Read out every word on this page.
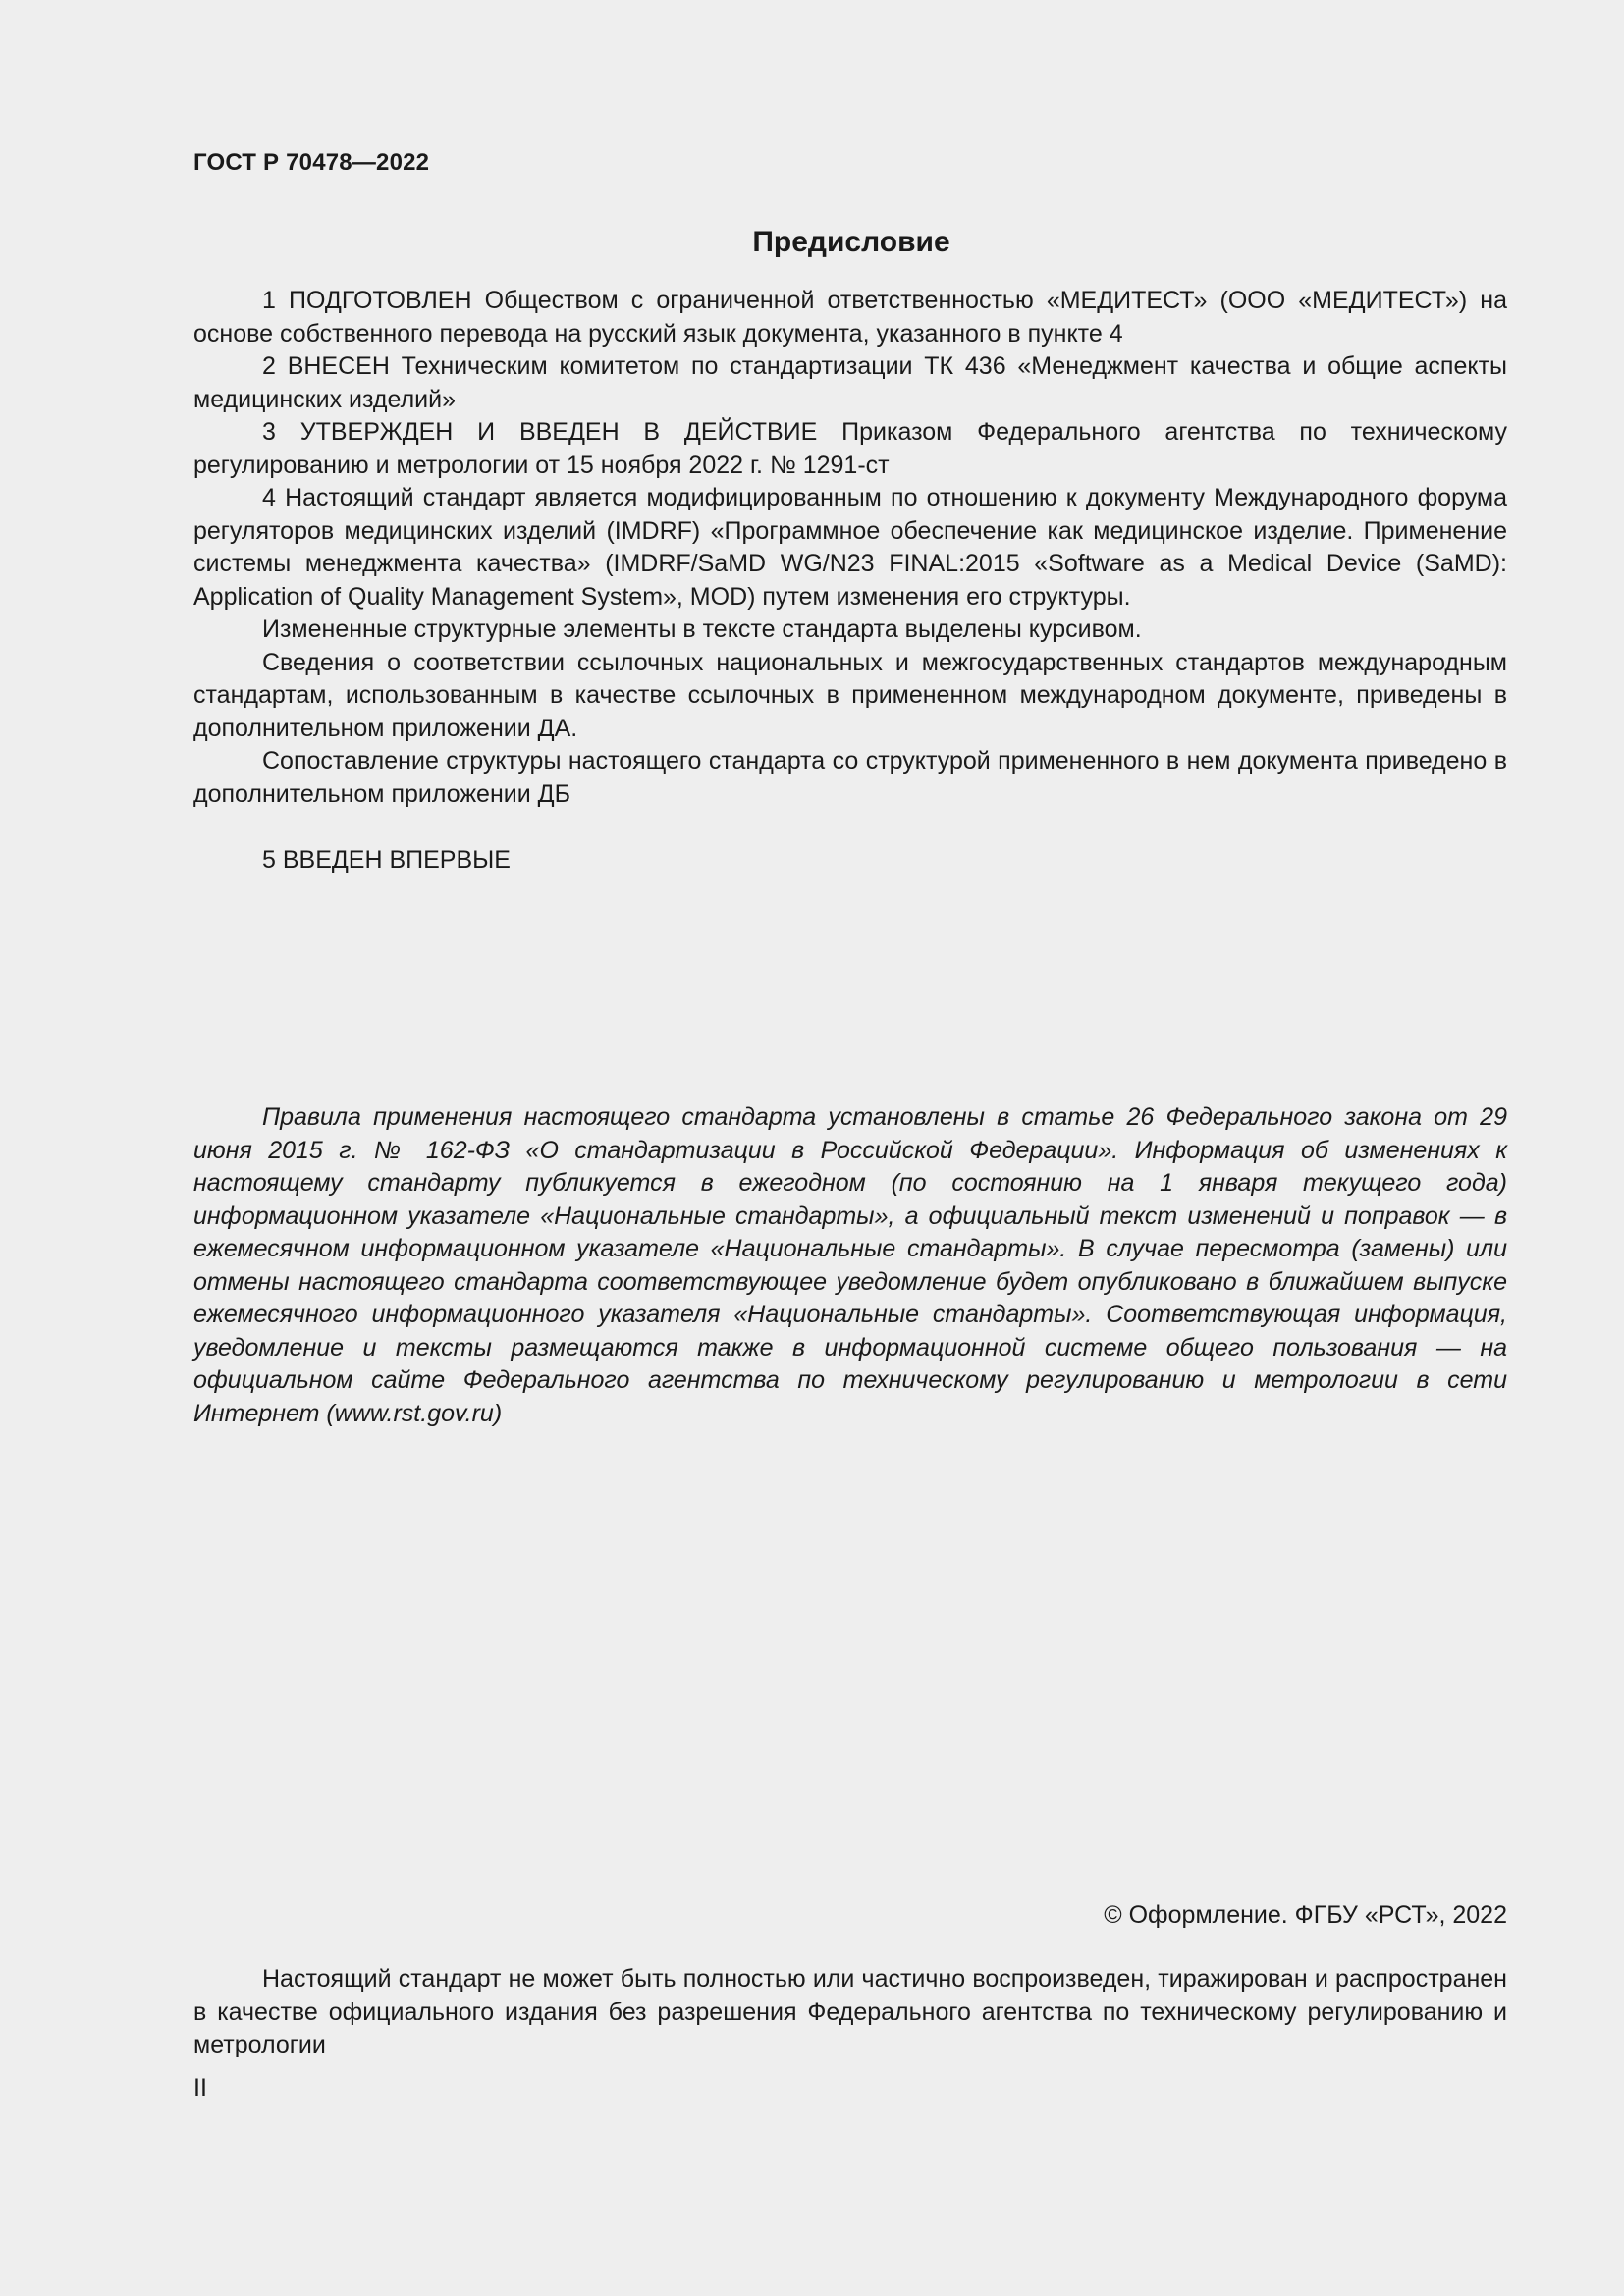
ГОСТ Р 70478—2022
Предисловие

1 ПОДГОТОВЛЕН Обществом с ограниченной ответственностью «МЕДИТЕСТ» (ООО «МЕДИТЕСТ») на основе собственного перевода на русский язык документа, указанного в пункте 4

2 ВНЕСЕН Техническим комитетом по стандартизации ТК 436 «Менеджмент качества и общие аспекты медицинских изделий»

3 УТВЕРЖДЕН И ВВЕДЕН В ДЕЙСТВИЕ Приказом Федерального агентства по техническому регулированию и метрологии от 15 ноября 2022 г. № 1291-ст

4 Настоящий стандарт является модифицированным по отношению к документу Международного форума регуляторов медицинских изделий (IMDRF) «Программное обеспечение как медицинское изделие. Применение системы менеджмента качества» (IMDRF/SaMD WG/N23 FINAL:2015 «Software as a Medical Device (SaMD): Application of Quality Management System», MOD) путем изменения его структуры.

Измененные структурные элементы в тексте стандарта выделены курсивом.

Сведения о соответствии ссылочных национальных и межгосударственных стандартов международным стандартам, использованным в качестве ссылочных в примененном международном документе, приведены в дополнительном приложении ДА.

Сопоставление структуры настоящего стандарта со структурой примененного в нем документа приведено в дополнительном приложении ДБ

5 ВВЕДЕН ВПЕРВЫЕ

Правила применения настоящего стандарта установлены в статье 26 Федерального закона от 29 июня 2015 г. № 162-ФЗ «О стандартизации в Российской Федерации». Информация об изменениях к настоящему стандарту публикуется в ежегодном (по состоянию на 1 января текущего года) информационном указателе «Национальные стандарты», а официальный текст изменений и поправок — в ежемесячном информационном указателе «Национальные стандарты». В случае пересмотра (замены) или отмены настоящего стандарта соответствующее уведомление будет опубликовано в ближайшем выпуске ежемесячного информационного указателя «Национальные стандарты». Соответствующая информация, уведомление и тексты размещаются также в информационной системе общего пользования — на официальном сайте Федерального агентства по техническому регулированию и метрологии в сети Интернет (www.rst.gov.ru)
© Оформление. ФГБУ «РСТ», 2022
Настоящий стандарт не может быть полностью или частично воспроизведен, тиражирован и распространен в качестве официального издания без разрешения Федерального агентства по техническому регулированию и метрологии
II
